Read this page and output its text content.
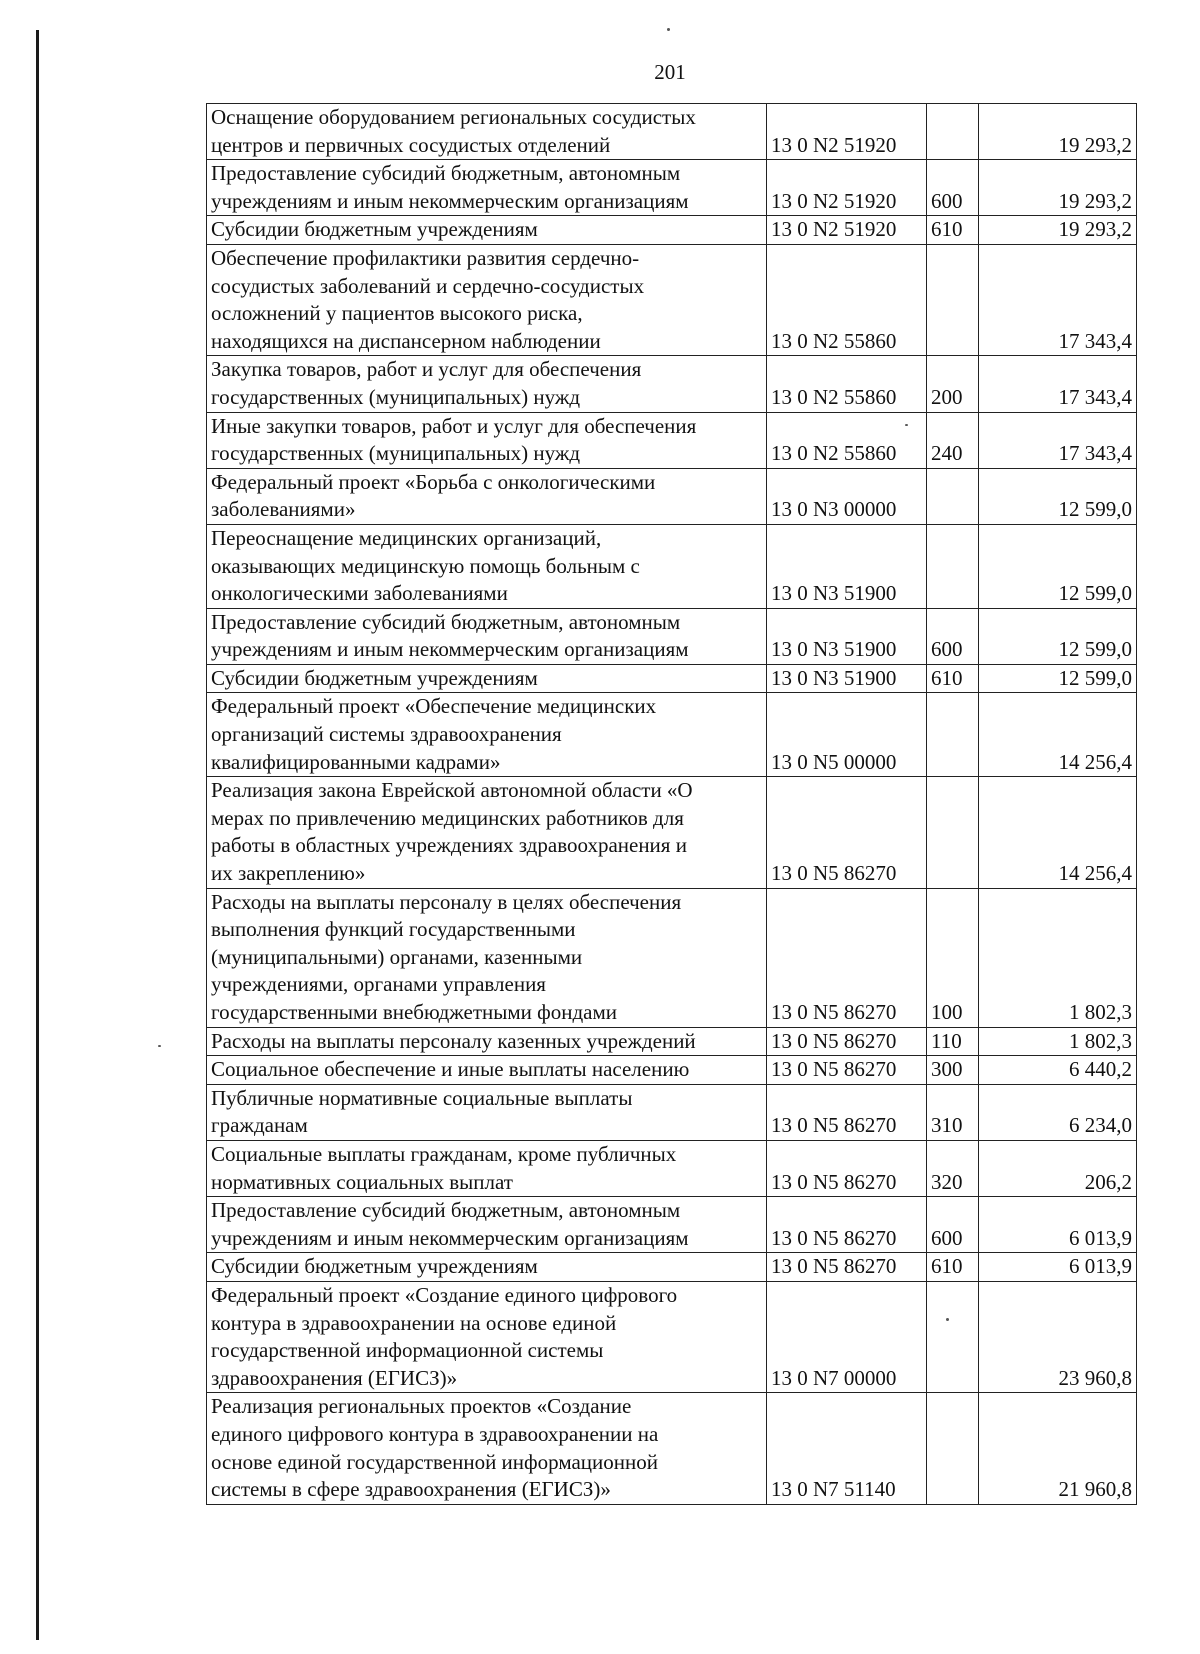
201
Оснащение оборудованием региональных сосудистых
центров и первичных сосудистых отделений	13 0 N2 51920		19 293,2
Предоставление субсидий бюджетным, автономным
учреждениям и иным некоммерческим организациям	13 0 N2 51920	600	19 293,2
Субсидии бюджетным учреждениям	13 0 N2 51920	610	19 293,2
Обеспечение профилактики развития сердечно-
сосудистых заболеваний и сердечно-сосудистых
осложнений у пациентов высокого риска,
находящихся на диспансерном наблюдении	13 0 N2 55860		17 343,4
Закупка товаров, работ и услуг для обеспечения
государственных (муниципальных) нужд	13 0 N2 55860	200	17 343,4
Иные закупки товаров, работ и услуг для обеспечения
государственных (муниципальных) нужд	13 0 N2 55860	240	17 343,4
Федеральный проект «Борьба с онкологическими
заболеваниями»	13 0 N3 00000		12 599,0
Переоснащение медицинских организаций,
оказывающих медицинскую помощь больным с
онкологическими заболеваниями	13 0 N3 51900		12 599,0
Предоставление субсидий бюджетным, автономным
учреждениям и иным некоммерческим организациям	13 0 N3 51900	600	12 599,0
Субсидии бюджетным учреждениям	13 0 N3 51900	610	12 599,0
Федеральный проект «Обеспечение медицинских
организаций системы здравоохранения
квалифицированными кадрами»	13 0 N5 00000		14 256,4
Реализация закона Еврейской автономной области «О
мерах по привлечению медицинских работников для
работы в областных учреждениях здравоохранения и
их закреплению»	13 0 N5 86270		14 256,4
Расходы на выплаты персоналу в целях обеспечения
выполнения функций государственными
(муниципальными) органами, казенными
учреждениями, органами управления
государственными внебюджетными фондами	13 0 N5 86270	100	1 802,3
Расходы на выплаты персоналу казенных учреждений	13 0 N5 86270	110	1 802,3
Социальное обеспечение и иные выплаты населению	13 0 N5 86270	300	6 440,2
Публичные нормативные социальные выплаты
гражданам	13 0 N5 86270	310	6 234,0
Социальные выплаты гражданам, кроме публичных
нормативных социальных выплат	13 0 N5 86270	320	206,2
Предоставление субсидий бюджетным, автономным
учреждениям и иным некоммерческим организациям	13 0 N5 86270	600	6 013,9
Субсидии бюджетным учреждениям	13 0 N5 86270	610	6 013,9
Федеральный проект «Создание единого цифрового
контура в здравоохранении на основе единой
государственной информационной системы
здравоохранения (ЕГИСЗ)»	13 0 N7 00000		23 960,8
Реализация региональных проектов «Создание
единого цифрового контура в здравоохранении на
основе единой государственной информационной
системы в сфере здравоохранения (ЕГИСЗ)»	13 0 N7 51140		21 960,8
